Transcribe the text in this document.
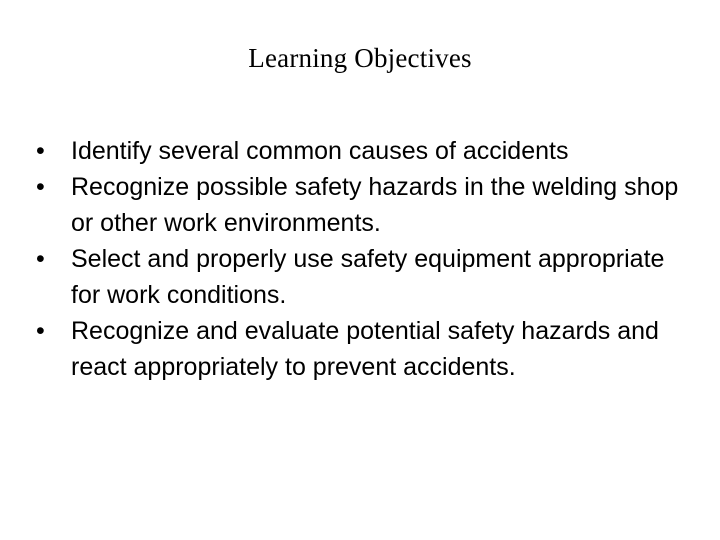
Learning Objectives
• Identify several common causes of accidents
• Recognize possible safety hazards in the welding shop or other work environments.
• Select and properly use safety equipment appropriate for work conditions.
• Recognize and evaluate potential safety hazards and react appropriately to prevent accidents.
